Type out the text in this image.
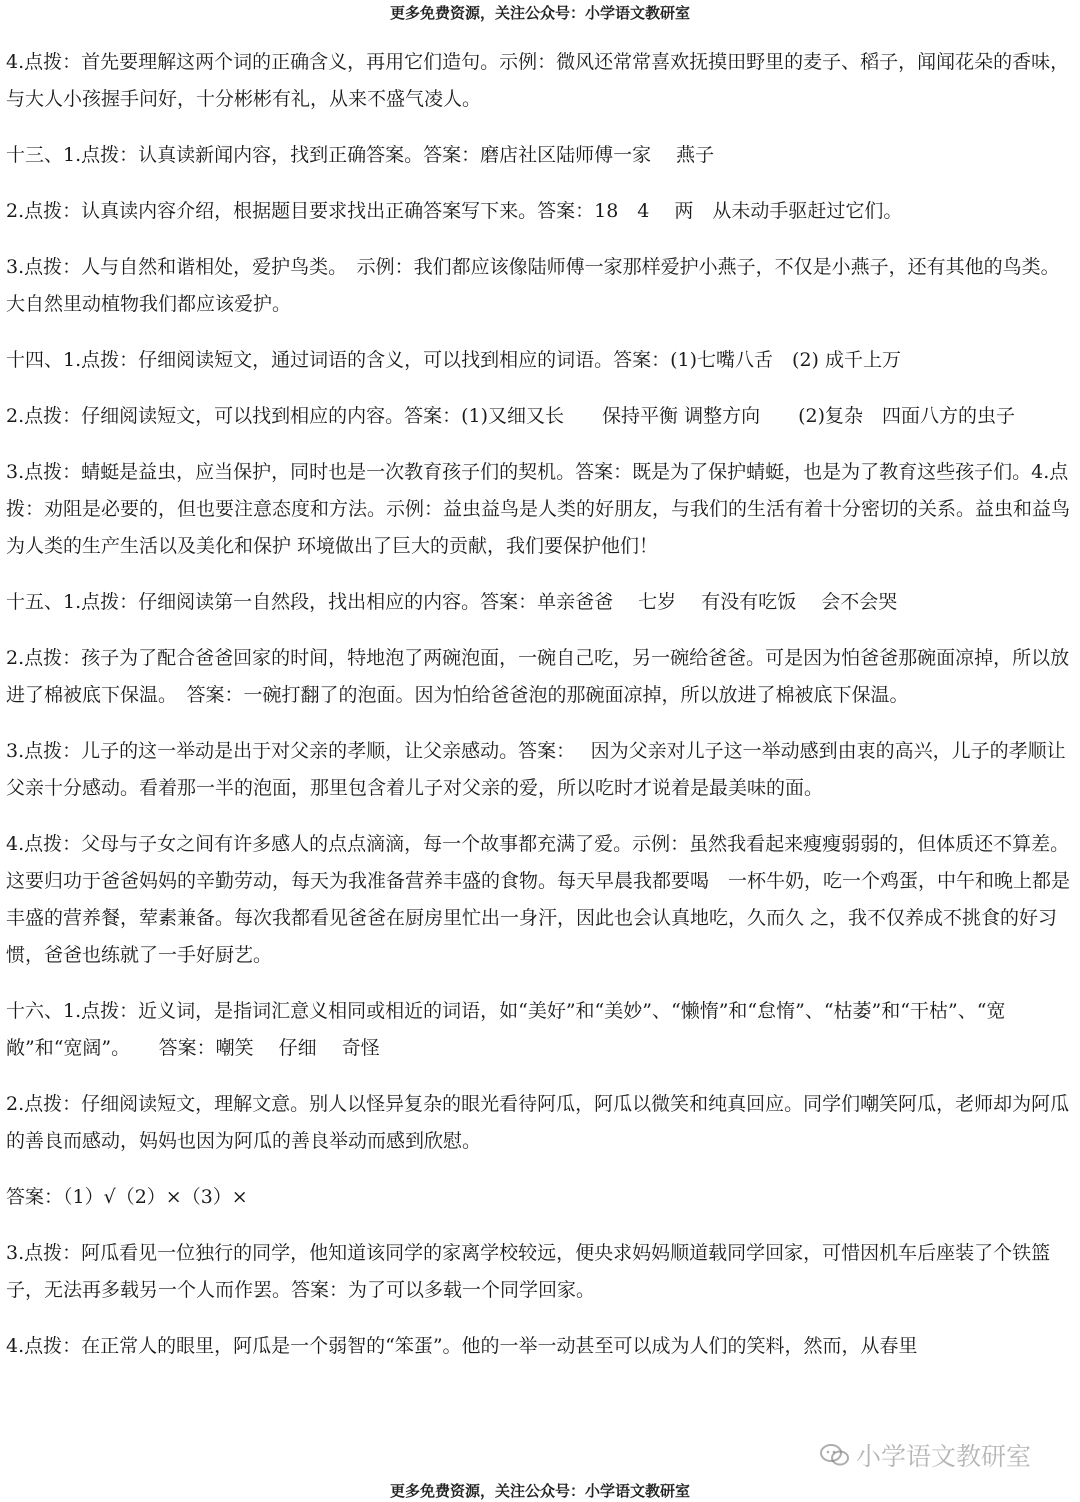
更多免费资源，关注公众号：小学语文教研室

4.点拨：首先要理解这两个词的正确含义，再用它们造句。示例：微风还常常喜欢抚摸田野里的麦子、稻子，闻闻花朵的香味，与大人小孩握手问好，十分彬彬有礼，从来不盛气凌人。

十三、1.点拨：认真读新闻内容，找到正确答案。答案：磨店社区陆师傅一家　 燕子

2.点拨：认真读内容介绍，根据题目要求找出正确答案写下来。答案：18　4　 两　从未动手驱赶过它们。

3.点拨：人与自然和谐相处，爱护鸟类。　示例：我们都应该像陆师傅一家那样爱护小燕子，不仅是小燕子，还有其他的鸟类。大自然里动植物我们都应该爱护。

十四、1.点拨：仔细阅读短文，通过词语的含义，可以找到相应的词语。答案：(1)七嘴八舌　(2) 成千上万

2.点拨：仔细阅读短文，可以找到相应的内容。答案：(1)又细又长　　保持平衡 调整方向　　(2)复杂　四面八方的虫子

3.点拨：蜻蜓是益虫，应当保护，同时也是一次教育孩子们的契机。答案：既是为了保护蜻蜓，也是为了教育这些孩子们。4.点拨：劝阻是必要的，但也要注意态度和方法。示例：益虫益鸟是人类的好朋友，与我们的生活有着十分密切的关系。益虫和益鸟为人类的生产生活以及美化和保护 环境做出了巨大的贡献，我们要保护他们！

十五、1.点拨：仔细阅读第一自然段，找出相应的内容。答案：单亲爸爸　 七岁　 有没有吃饭　 会不会哭

2.点拨：孩子为了配合爸爸回家的时间，特地泡了两碗泡面，一碗自己吃，另一碗给爸爸。可是因为怕爸爸那碗面凉掉，所以放进了棉被底下保温。　答案：一碗打翻了的泡面。因为怕给爸爸泡的那碗面凉掉，所以放进了棉被底下保温。

3.点拨：儿子的这一举动是出于对父亲的孝顺，让父亲感动。答案：　 因为父亲对儿子这一举动感到由衷的高兴，儿子的孝顺让父亲十分感动。看着那一半的泡面，那里包含着儿子对父亲的爱，所以吃时才说着是最美味的面。

4.点拨：父母与子女之间有许多感人的点点滴滴，每一个故事都充满了爱。示例：虽然我看起来瘦瘦弱弱的，但体质还不算差。这要归功于爸爸妈妈的辛勤劳动，每天为我准备营养丰盛的食物。每天早晨我都要喝　一杯牛奶，吃一个鸡蛋，中午和晚上都是丰盛的营养餐，荤素兼备。每次我都看见爸爸在厨房里忙出一身汗，因此也会认真地吃，久而久 之，我不仅养成不挑食的好习惯，爸爸也练就了一手好厨艺。

十六、1.点拨：近义词，是指词汇意义相同或相近的词语，如“美好”和“美妙”、“懒惰”和“怠惰”、“枯萎”和“干枯”、“宽敞”和“宽阔”。　　答案：嘲笑　 仔细　 奇怪

2.点拨：仔细阅读短文，理解文意。别人以怪异复杂的眼光看待阿瓜，阿瓜以微笑和纯真回应。同学们嘲笑阿瓜，老师却为阿瓜的善良而感动，妈妈也因为阿瓜的善良举动而感到欣慰。

答案：（1）√（2）×（3）×

3.点拨：阿瓜看见一位独行的同学，他知道该同学的家离学校较远，便央求妈妈顺道载同学回家，可惜因机车后座装了个铁篮子，无法再多载另一个人而作罢。答案：为了可以多载一个同学回家。

4.点拨：在正常人的眼里，阿瓜是一个弱智的“笨蛋”。他的一举一动甚至可以成为人们的笑料，然而，从春里

小学语文教研室
更多免费资源，关注公众号：小学语文教研室
